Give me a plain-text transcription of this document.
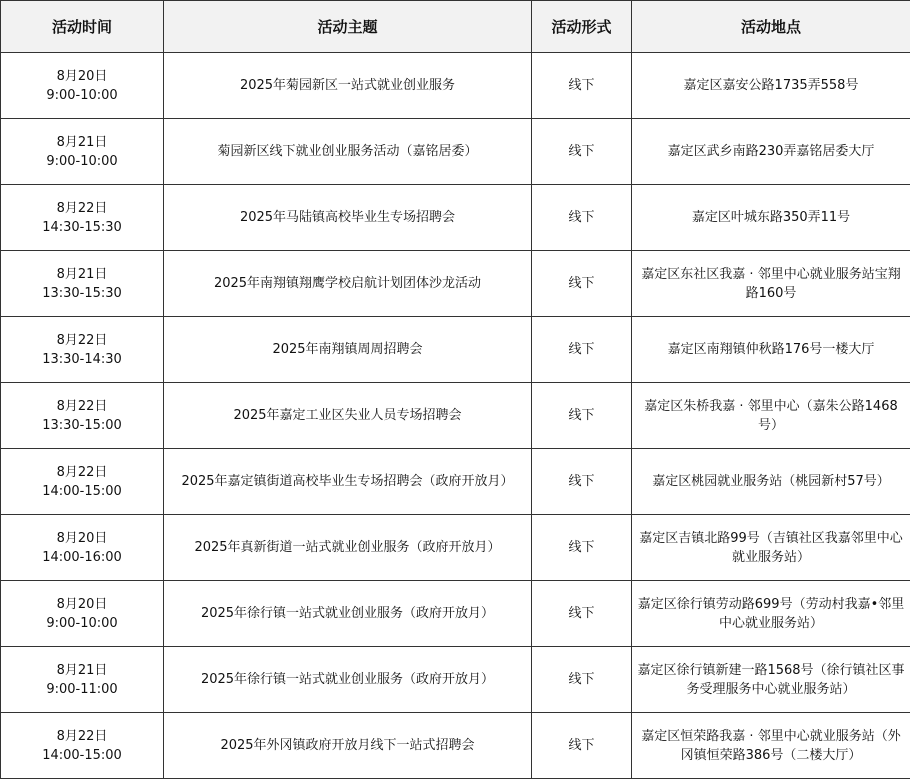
活动时间	活动主题	活动形式	活动地点

8月20日
9:00-10:00	2025年菊园新区一站式就业创业服务	线下	嘉定区嘉安公路1735弄558号

8月21日
9:00-10:00	菊园新区线下就业创业服务活动（嘉铭居委）	线下	嘉定区武乡南路230弄嘉铭居委大厅

8月22日
14:30-15:30	2025年马陆镇高校毕业生专场招聘会	线下	嘉定区叶城东路350弄11号

8月21日
13:30-15:30	2025年南翔镇翔鹰学校启航计划团体沙龙活动	线下	嘉定区东社区我嘉 · 邻里中心就业服务站宝翔路160号

8月22日
13:30-14:30	2025年南翔镇周周招聘会	线下	嘉定区南翔镇仲秋路176号一楼大厅

8月22日
13:30-15:00	2025年嘉定工业区失业人员专场招聘会	线下	嘉定区朱桥我嘉 · 邻里中心（嘉朱公路1468号）

8月22日
14:00-15:00	2025年嘉定镇街道高校毕业生专场招聘会（政府开放月）	线下	嘉定区桃园就业服务站（桃园新村57号）

8月20日
14:00-16:00	2025年真新街道一站式就业创业服务（政府开放月）	线下	嘉定区吉镇北路99号（吉镇社区我嘉邻里中心就业服务站）

8月20日
9:00-10:00	2025年徐行镇一站式就业创业服务（政府开放月）	线下	嘉定区徐行镇劳动路699号（劳动村我嘉•邻里中心就业服务站）

8月21日
9:00-11:00	2025年徐行镇一站式就业创业服务（政府开放月）	线下	嘉定区徐行镇新建一路1568号（徐行镇社区事务受理服务中心就业服务站）

8月22日
14:00-15:00	2025年外冈镇政府开放月线下一站式招聘会	线下	嘉定区恒荣路我嘉 · 邻里中心就业服务站（外冈镇恒荣路386号（二楼大厅）
